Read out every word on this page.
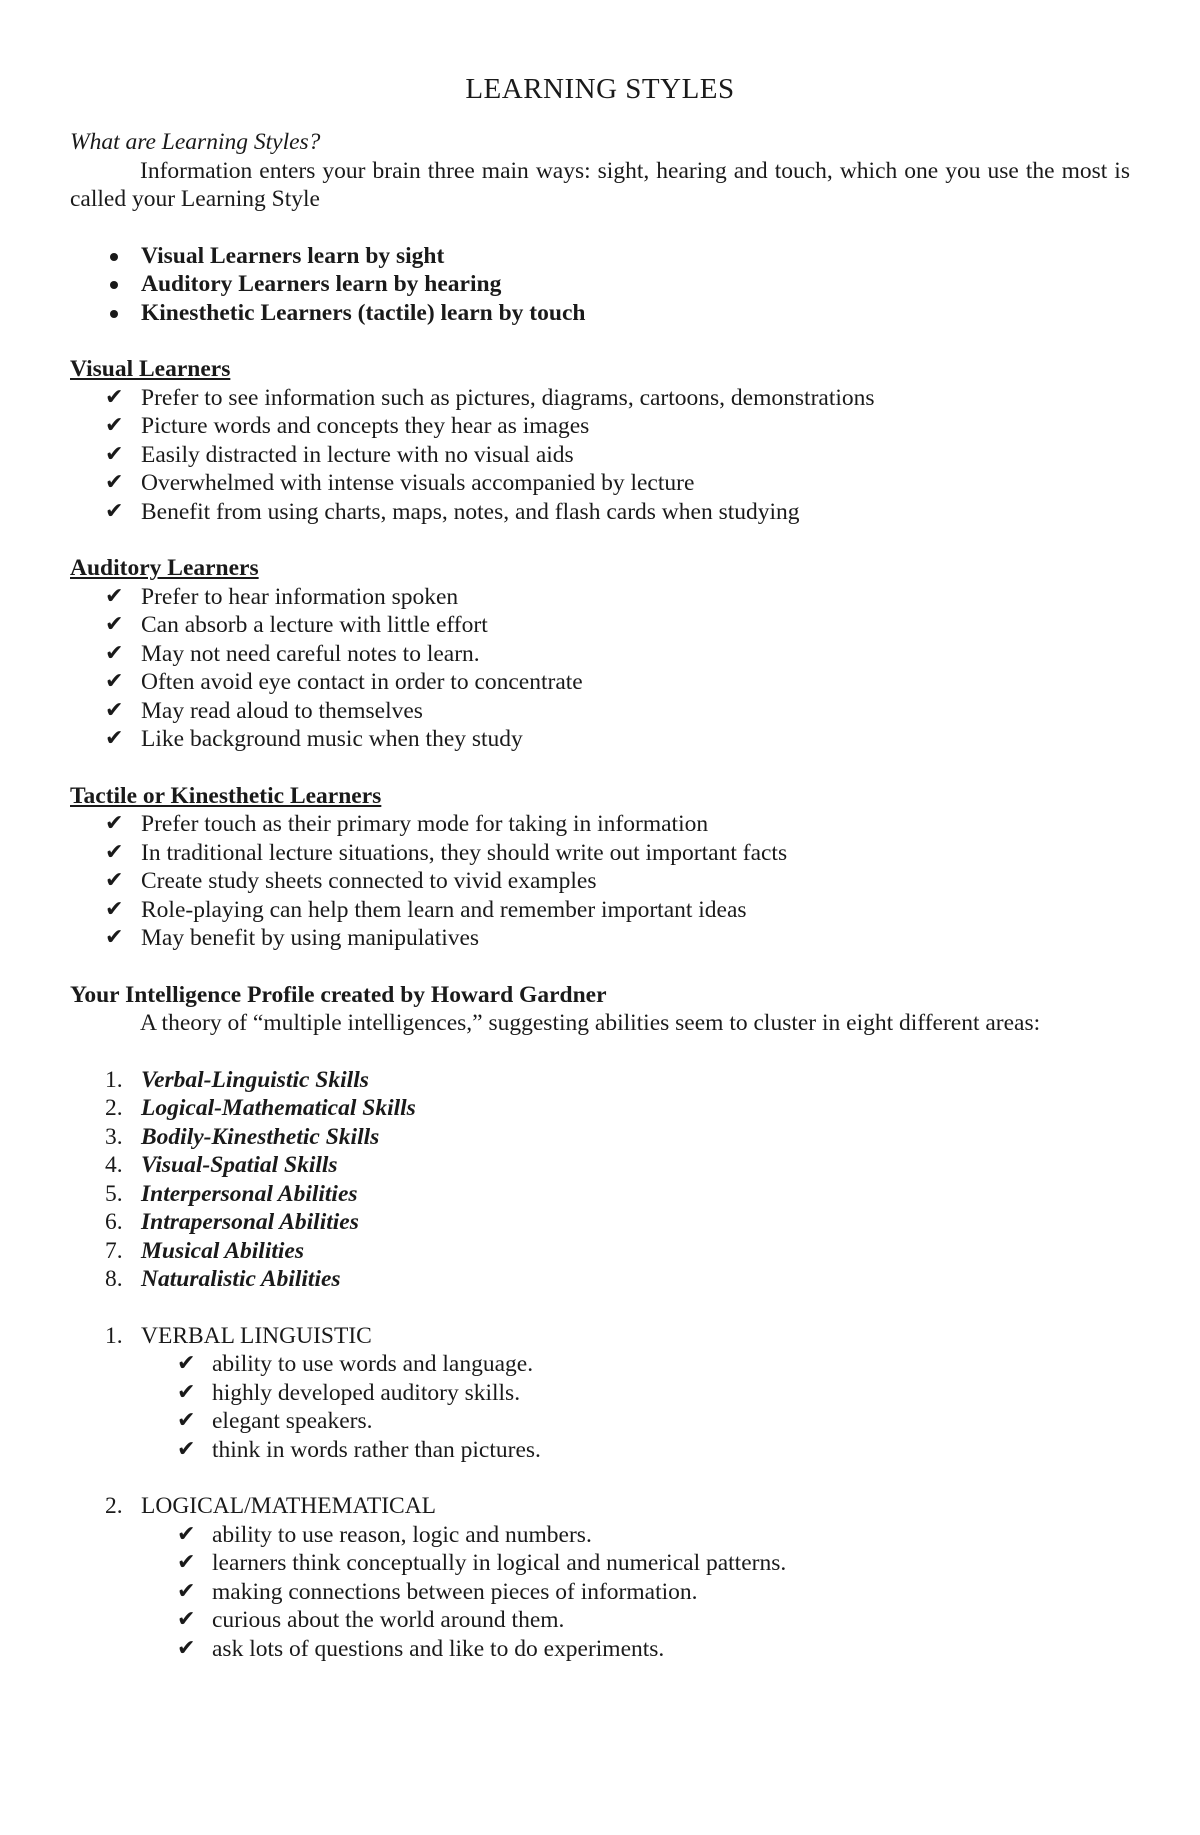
LEARNING STYLES

What are Learning Styles?

Information enters your brain three main ways: sight, hearing and touch, which one you use the most is called your Learning Style

Visual Learners learn by sight
Auditory Learners learn by hearing
Kinesthetic Learners (tactile) learn by touch

Visual Learners

✔ Prefer to see information such as pictures, diagrams, cartoons, demonstrations
✔ Picture words and concepts they hear as images
✔ Easily distracted in lecture with no visual aids
✔ Overwhelmed with intense visuals accompanied by lecture
✔ Benefit from using charts, maps, notes, and flash cards when studying

Auditory Learners

✔ Prefer to hear information spoken
✔ Can absorb a lecture with little effort
✔ May not need careful notes to learn.
✔ Often avoid eye contact in order to concentrate
✔ May read aloud to themselves
✔ Like background music when they study

Tactile or Kinesthetic Learners

✔ Prefer touch as their primary mode for taking in information
✔ In traditional lecture situations, they should write out important facts
✔ Create study sheets connected to vivid examples
✔ Role-playing can help them learn and remember important ideas
✔ May benefit by using manipulatives

Your Intelligence Profile created by Howard Gardner

A theory of “multiple intelligences,” suggesting abilities seem to cluster in eight different areas:

1. Verbal-Linguistic Skills
2. Logical-Mathematical Skills
3. Bodily-Kinesthetic Skills
4. Visual-Spatial Skills
5. Interpersonal Abilities
6. Intrapersonal Abilities
7. Musical Abilities
8. Naturalistic Abilities

1. VERBAL LINGUISTIC

✔ ability to use words and language.
✔ highly developed auditory skills.
✔ elegant speakers.
✔ think in words rather than pictures.

2. LOGICAL/MATHEMATICAL

✔ ability to use reason, logic and numbers.
✔ learners think conceptually in logical and numerical patterns.
✔ making connections between pieces of information.
✔ curious about the world around them.
✔ ask lots of questions and like to do experiments.
